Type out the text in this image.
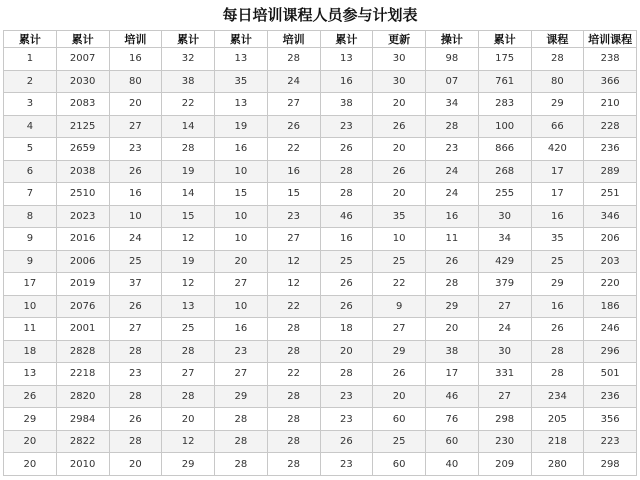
每日培训课程人员参与计划表
累计	累计	培训	累计	累计	培训	累计	更新	操计	累计	课程	培训课程
1	2007	16	32	13	28	13	30	98	175	28	238
2	2030	80	38	35	24	16	30	07	761	80	366
3	2083	20	22	13	27	38	20	34	283	29	210
4	2125	27	14	19	26	23	26	28	100	66	228
5	2659	23	28	16	22	26	20	23	866	420	236
6	2038	26	19	10	16	28	26	24	268	17	289
7	2510	16	14	15	15	28	20	24	255	17	251
8	2023	10	15	10	23	46	35	16	30	16	346
9	2016	24	12	10	27	16	10	11	34	35	206
9	2006	25	19	20	12	25	25	26	429	25	203
17	2019	37	12	27	12	26	22	28	379	29	220
10	2076	26	13	10	22	26	9	29	27	16	186
11	2001	27	25	16	28	18	27	20	24	26	246
18	2828	28	28	23	28	20	29	38	30	28	296
13	2218	23	27	27	22	28	26	17	331	28	501
26	2820	28	28	29	28	23	20	46	27	234	236
29	2984	26	20	28	28	23	60	76	298	205	356
20	2822	28	12	28	28	26	25	60	230	218	223
20	2010	20	29	28	28	23	60	40	209	280	298
